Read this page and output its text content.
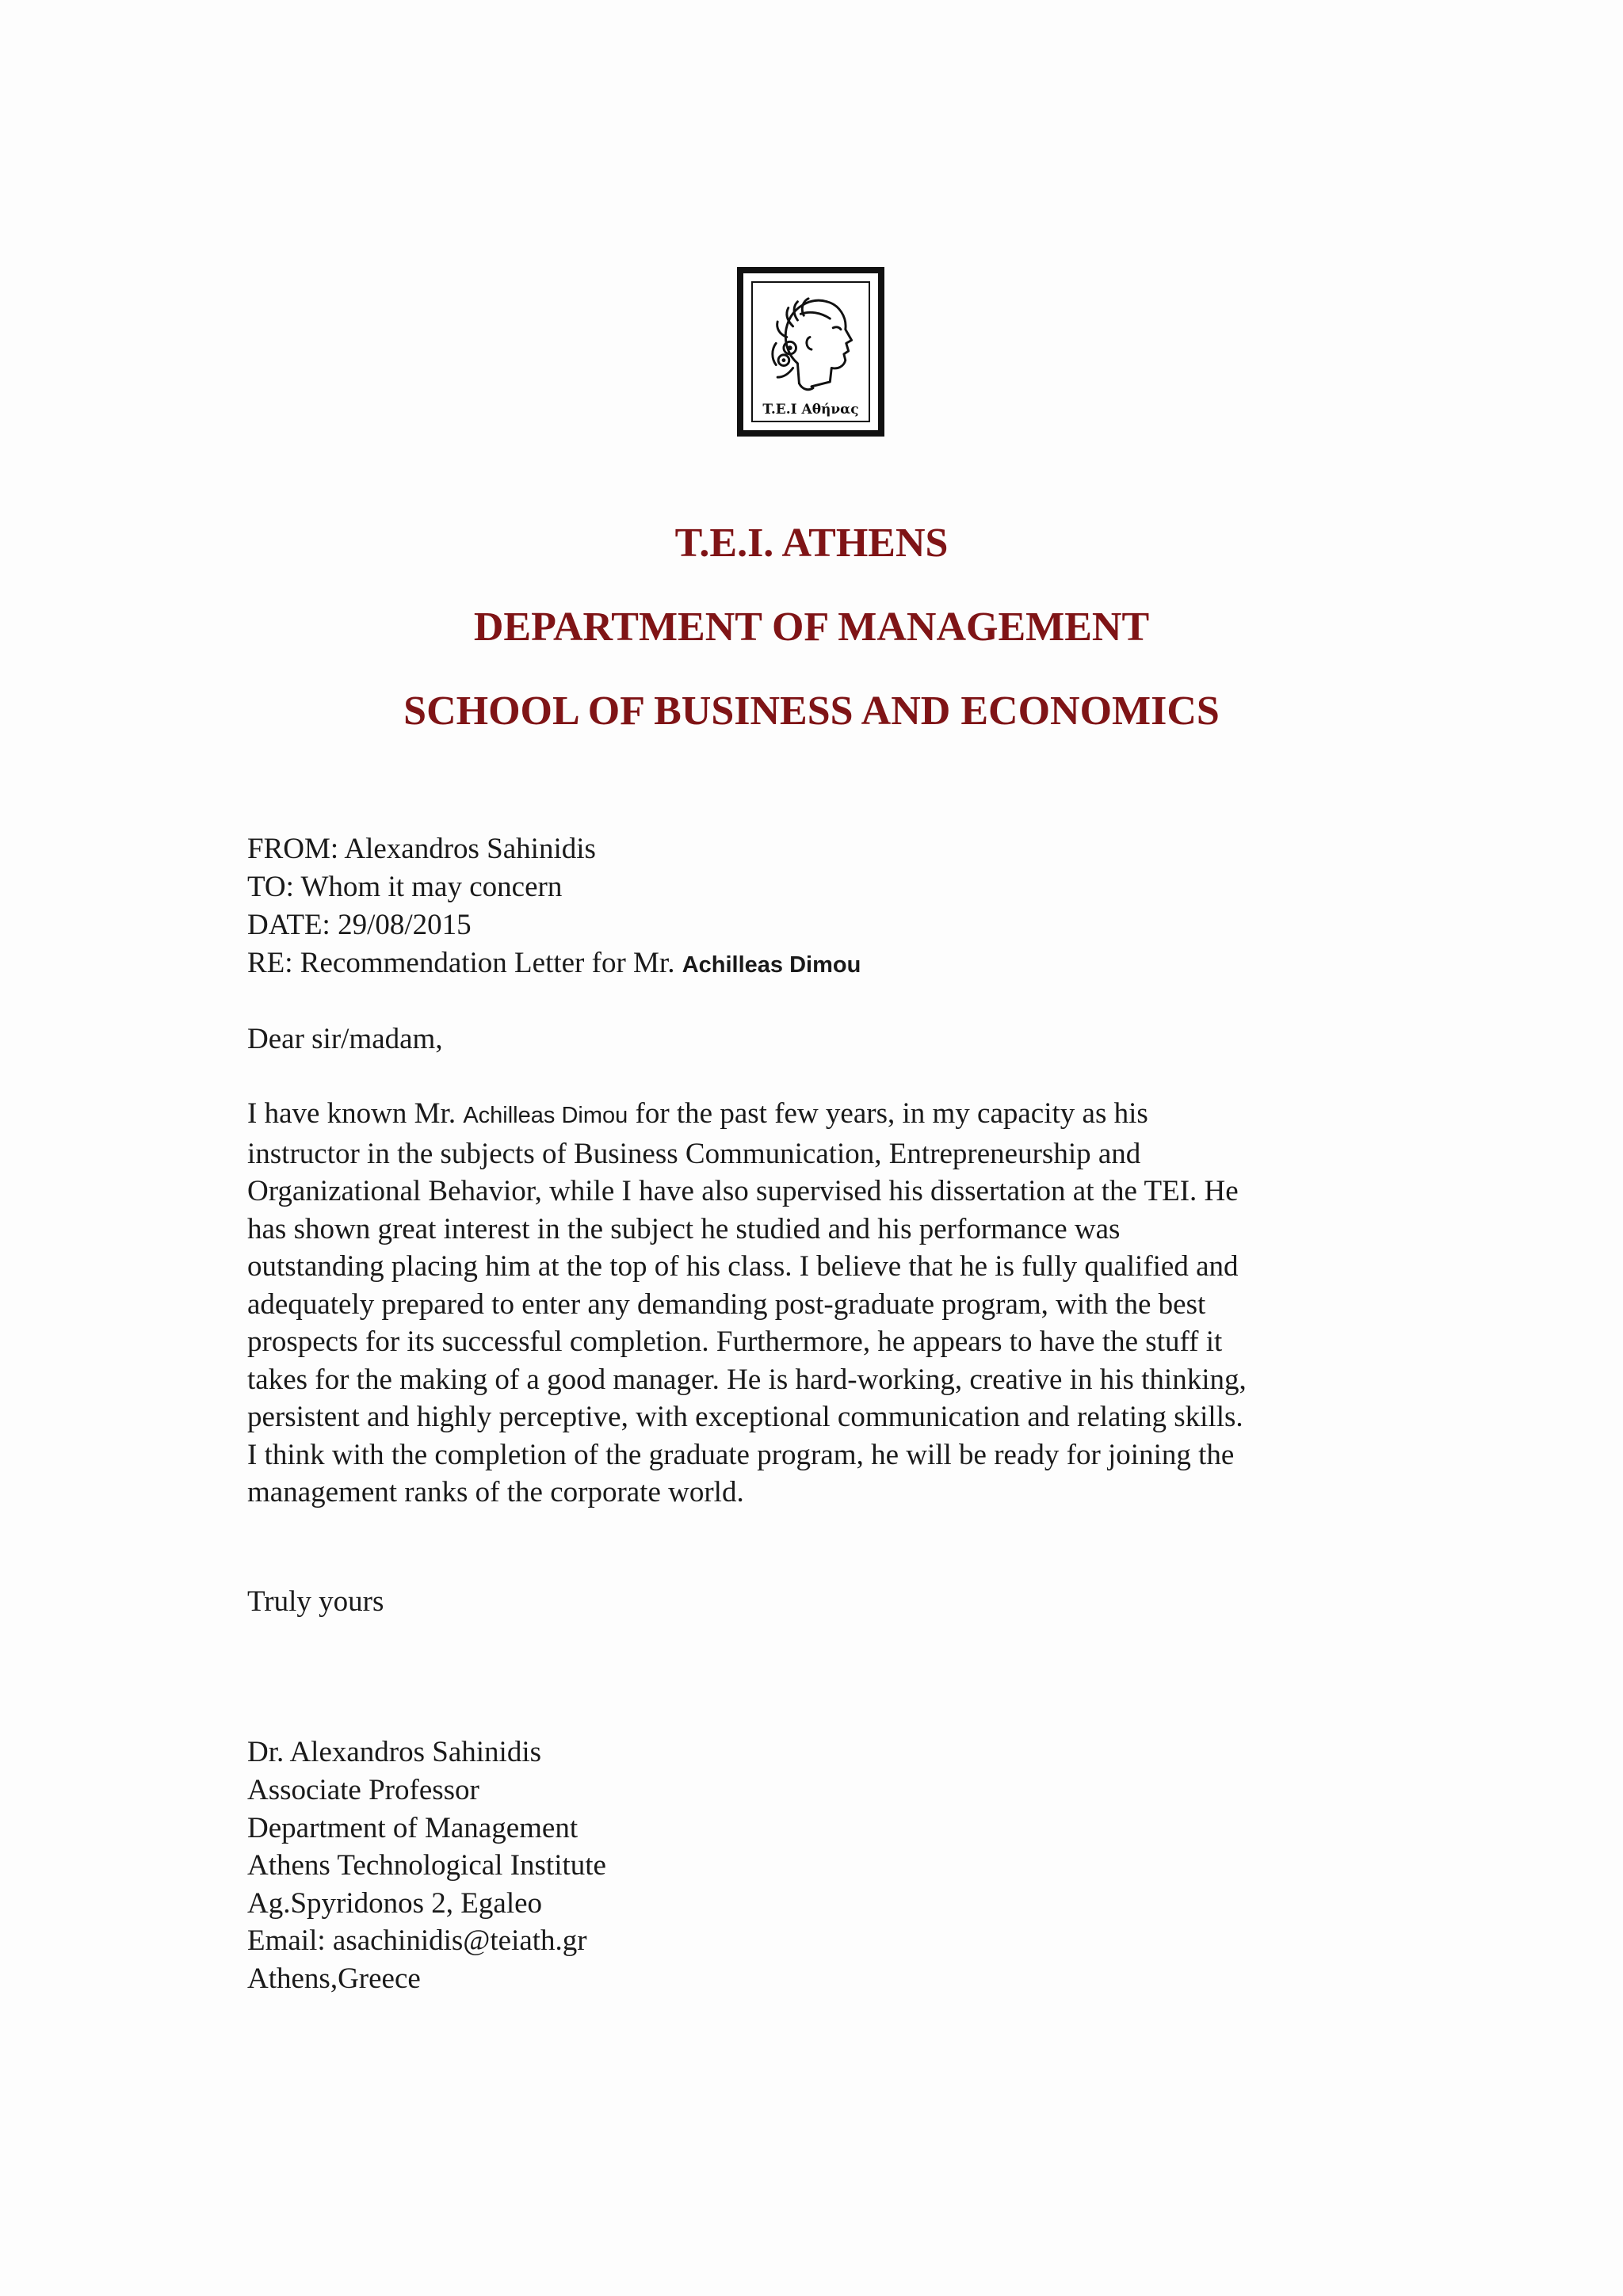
T.E.I Αθήνας
T.E.I. ATHENS
DEPARTMENT OF MANAGEMENT
SCHOOL OF BUSINESS AND ECONOMICS
FROM: Alexandros Sahinidis
TO: Whom it may concern
DATE: 29/08/2015
RE: Recommendation Letter for Mr. Achilleas Dimou
Dear sir/madam,
I have known Mr. Achilleas Dimou for the past few years, in my capacity as his
instructor in the subjects of Business Communication, Entrepreneurship and
Organizational Behavior, while I have also supervised his dissertation at the TEI. He
has shown great interest in the subject he studied and his performance was
outstanding placing him at the top of his class. I believe that he is fully qualified and
adequately prepared to enter any demanding post-graduate program, with the best
prospects for its successful completion. Furthermore, he appears to have the stuff it
takes for the making of a good manager. He is hard-working, creative in his thinking,
persistent and highly perceptive, with exceptional communication and relating skills.
I think with the completion of the graduate program, he will be ready for joining the
management ranks of the corporate world.
Truly yours
Dr. Alexandros Sahinidis
Associate Professor
Department of Management
Athens Technological Institute
Ag.Spyridonos 2, Egaleo
Email: asachinidis@teiath.gr
Athens,Greece
